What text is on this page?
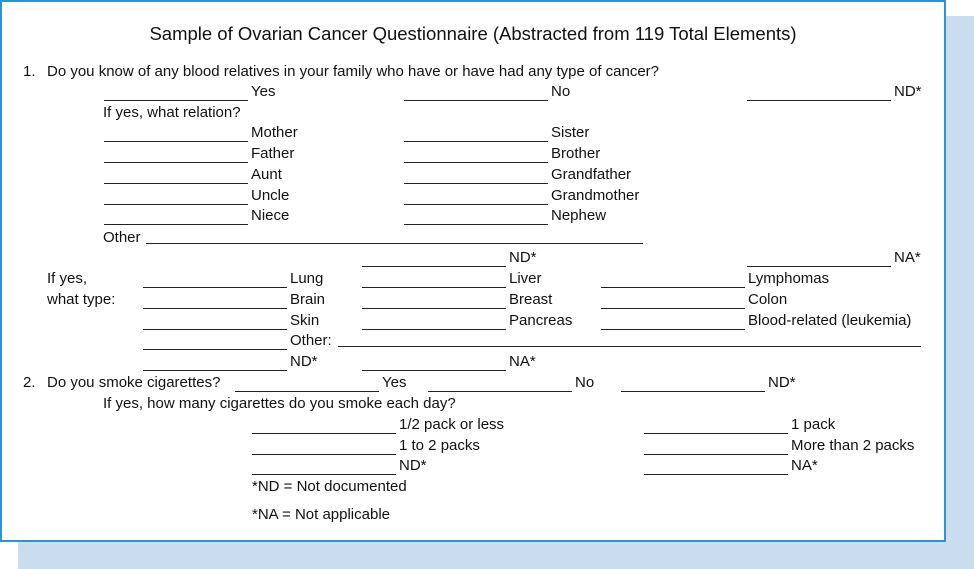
Sample of Ovarian Cancer Questionnaire (Abstracted from 119 Total Elements)
1. Do you know of any blood relatives in your family who have or have had any type of cancer?
Yes	No	ND*
If yes, what relation?
Mother	Sister
Father	Brother
Aunt	Grandfather
Uncle	Grandmother
Niece	Nephew
Other
ND*	NA*
If yes,
what type:
Lung	Liver	Lymphomas
Brain	Breast	Colon
Skin	Pancreas	Blood-related (leukemia)
Other:
ND*	NA*
2. Do you smoke cigarettes?	Yes	No	ND*
If yes, how many cigarettes do you smoke each day?
1/2 pack or less	1 pack
1 to 2 packs	More than 2 packs
ND*	NA*
*ND = Not documented
*NA = Not applicable
